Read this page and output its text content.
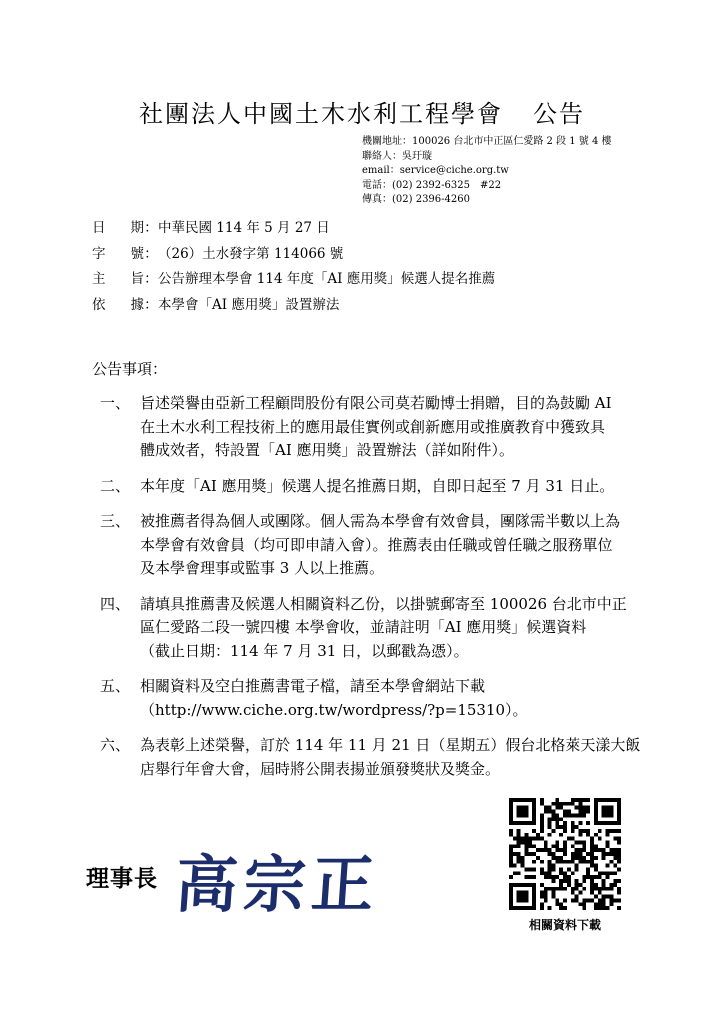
社團法人中國土木水利工程學會 公告
機關地址：100026 台北市中正區仁愛路 2 段 1 號 4 樓
聯絡人：吳玗璇
email：service@ciche.org.tw
電話：(02) 2392-6325　#22
傳真：(02) 2396-4260
日 期 ： 中華民國 114 年 5 月 27 日
字 號 ： （26）土水發字第 114066 號
主 旨 ： 公告辦理本學會 114 年度「AI 應用獎」候選人提名推薦
依 據 ： 本學會「AI 應用獎」設置辦法
公告事項：
一、 旨述榮譽由亞新工程顧問股份有限公司莫若勵博士捐贈，目的為鼓勵 AI
在土木水利工程技術上的應用最佳實例或創新應用或推廣教育中獲致具
體成效者，特設置「AI 應用獎」設置辦法（詳如附件）。
二、 本年度「AI 應用獎」候選人提名推薦日期，自即日起至 7 月 31 日止。
三、 被推薦者得為個人或團隊。個人需為本學會有效會員，團隊需半數以上為
本學會有效會員（均可即申請入會）。推薦表由任職或曾任職之服務單位
及本學會理事或監事 3 人以上推薦。
四、 請填具推薦書及候選人相關資料乙份，以掛號郵寄至 100026 台北市中正
區仁愛路二段一號四樓 本學會收，並請註明「AI 應用獎」候選資料
（截止日期：114 年 7 月 31 日，以郵戳為憑）。
五、 相關資料及空白推薦書電子檔，請至本學會網站下載
（http://www.ciche.org.tw/wordpress/?p=15310）。
六、 為表彰上述榮譽，訂於 114 年 11 月 21 日（星期五）假台北格萊天漾大飯
店舉行年會大會，屆時將公開表揚並頒發獎狀及獎金。
理事長 高宗正
相關資料下載
